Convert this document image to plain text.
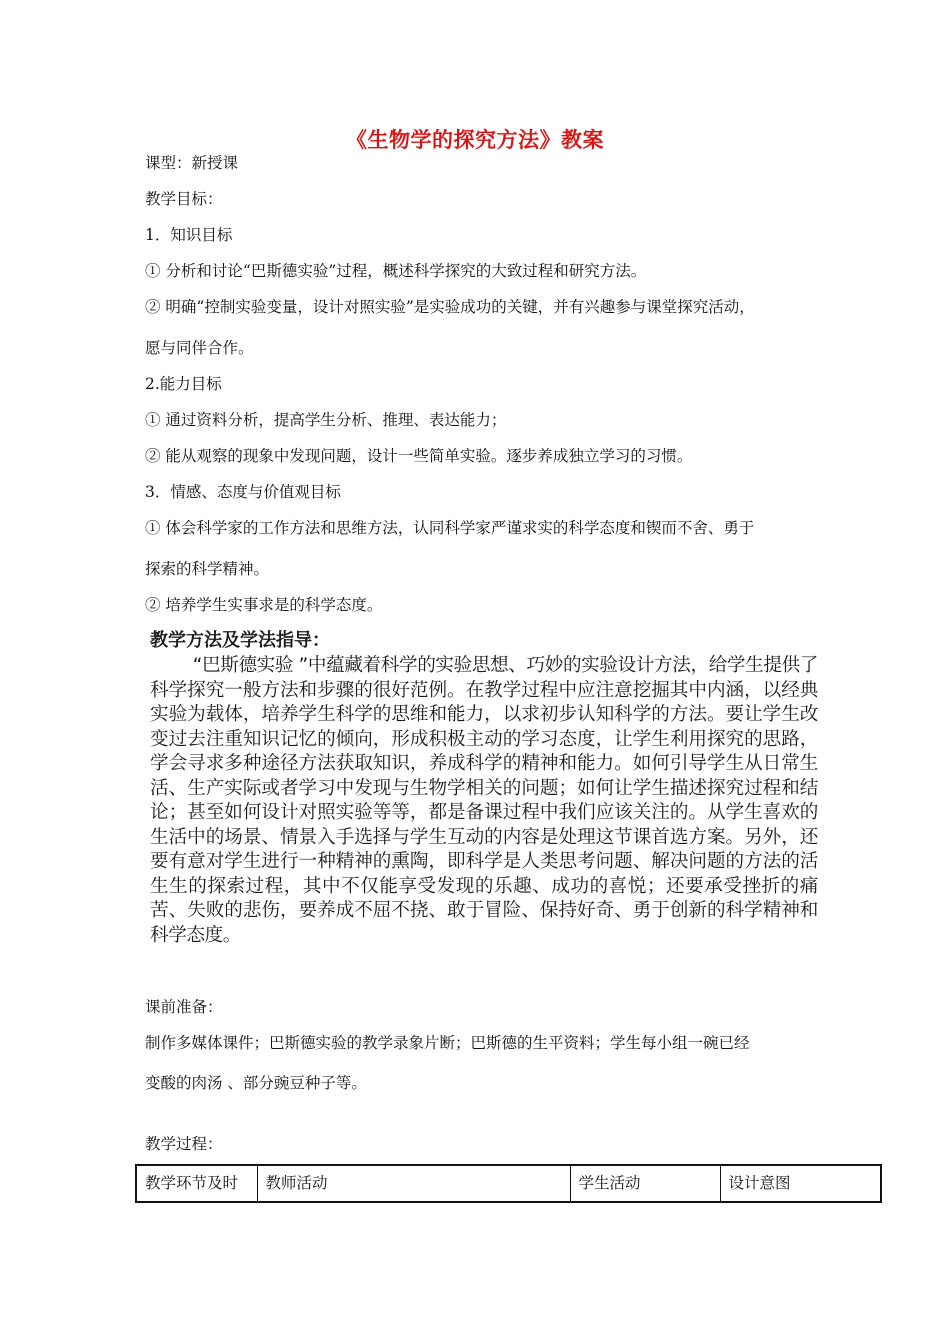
《生物学的探究方法》教案
课型：新授课
教学目标：
1．知识目标
① 分析和讨论“巴斯德实验”过程，概述科学探究的大致过程和研究方法。
② 明确“控制实验变量，设计对照实验”是实验成功的关键，并有兴趣参与课堂探究活动，
愿与同伴合作。
2.能力目标
① 通过资料分析，提高学生分析、推理、表达能力；
② 能从观察的现象中发现问题，设计一些简单实验。逐步养成独立学习的习惯。
3．情感、态度与价值观目标
① 体会科学家的工作方法和思维方法，认同科学家严谨求实的科学态度和锲而不舍、勇于
探索的科学精神。
② 培养学生实事求是的科学态度。
教学方法及学法指导：

“巴斯德实验 ”中蕴藏着科学的实验思想、巧妙的实验设计方法，给学生提供了科学探究一般方法和步骤的很好范例。在教学过程中应注意挖掘其中内涵，以经典实验为载体，培养学生科学的思维和能力，以求初步认知科学的方法。要让学生改变过去注重知识记忆的倾向，形成积极主动的学习态度，让学生利用探究的思路，学会寻求多种途径方法获取知识，养成科学的精神和能力。如何引导学生从日常生活、生产实际或者学习中发现与生物学相关的问题；如何让学生描述探究过程和结论；甚至如何设计对照实验等等，都是备课过程中我们应该关注的。从学生喜欢的生活中的场景、情景入手选择与学生互动的内容是处理这节课首选方案。另外，还要有意对学生进行一种精神的熏陶，即科学是人类思考问题、解决问题的方法的活生生的探索过程，其中不仅能享受发现的乐趣、成功的喜悦；还要承受挫折的痛苦、失败的悲伤，要养成不屈不挠、敢于冒险、保持好奇、勇于创新的科学精神和科学态度。

课前准备：
制作多媒体课件；巴斯德实验的教学录象片断；巴斯德的生平资料；学生每小组一碗已经
变酸的肉汤 、部分豌豆种子等。
教学过程：
教学环节及时	教师活动	学生活动	设计意图
